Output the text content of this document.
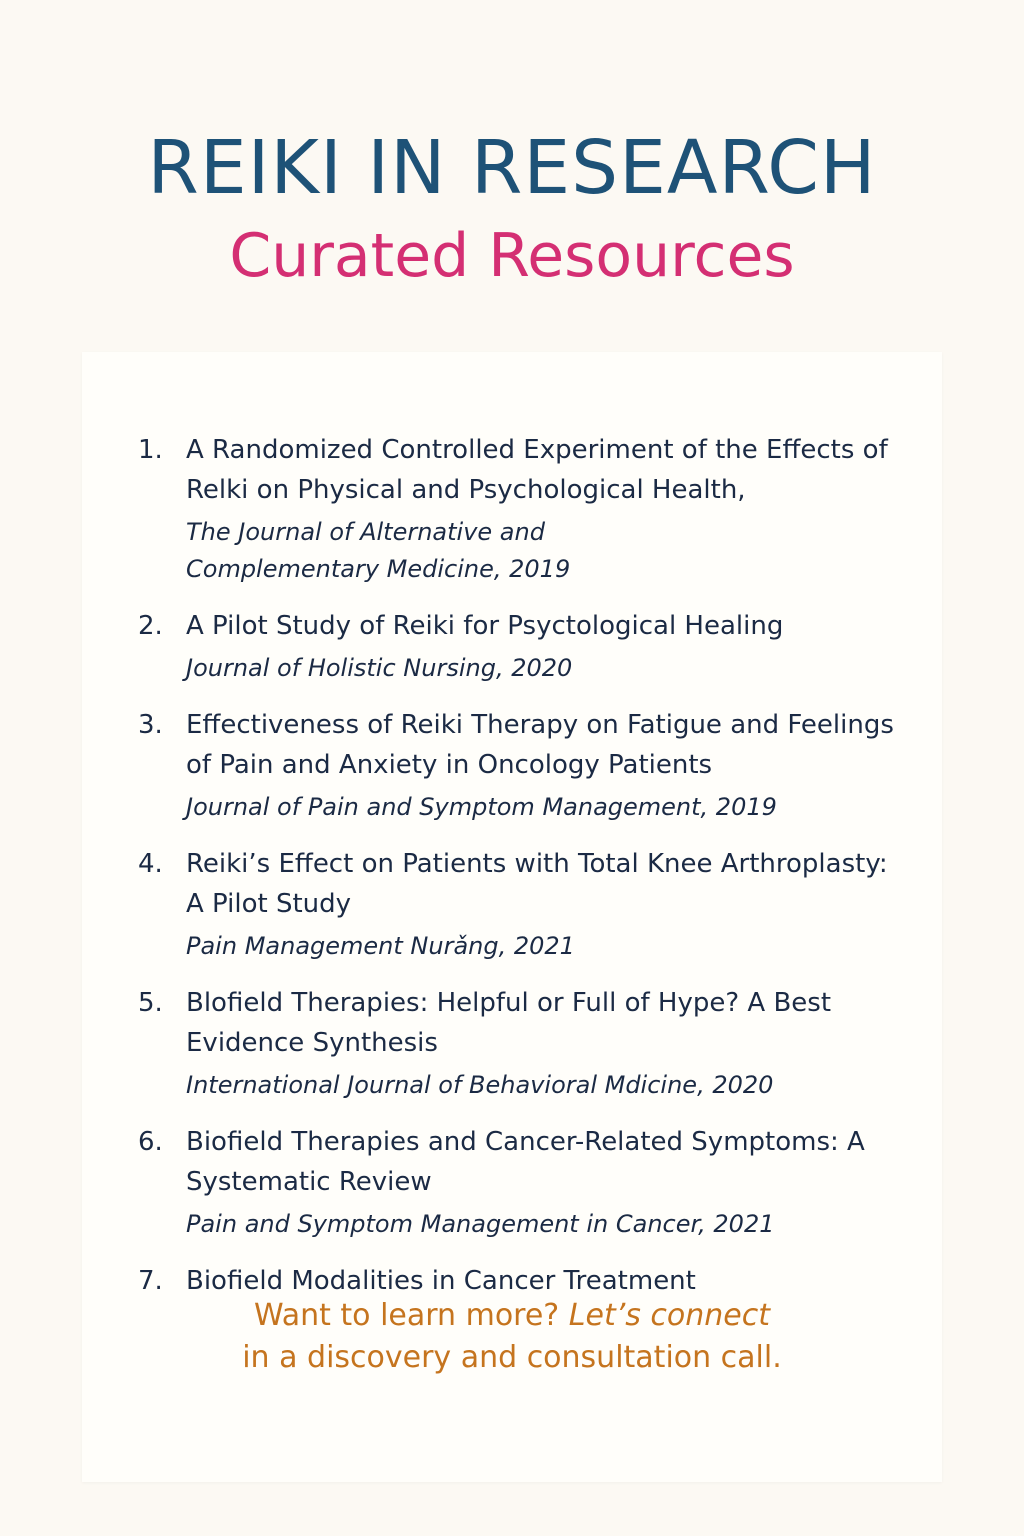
REIKI IN RESEARCH
Curated Resources
1. A Randomized Controlled Experiment of the Effects of Relki on Physical and Psychological Health,
The Journal of Alternative and Complementary Medicine, 2019
2. A Pilot Study of Reiki for Psyctological Healing
Journal of Holistic Nursing, 2020
3. Effectiveness of Reiki Therapy on Fatigue and Feelings of Pain and Anxiety in Oncology Patients
Journal of Pain and Symptom Management, 2019
4. Reiki’s Effect on Patients with Total Knee Arthroplasty: A Pilot Study
Pain Management Nurǎng, 2021
5. Blofield Therapies: Helpful or Full of Hype? A Best Evidence Synthesis
International Journal of Behavioral Mdicine, 2020
6. Biofield Therapies and Cancer-Related Symptoms: A Systematic Review
Pain and Symptom Management in Cancer, 2021
7. Biofield Modalities in Cancer Treatment
Want to learn more? Let’s connect
in a discovery and consultation call.
